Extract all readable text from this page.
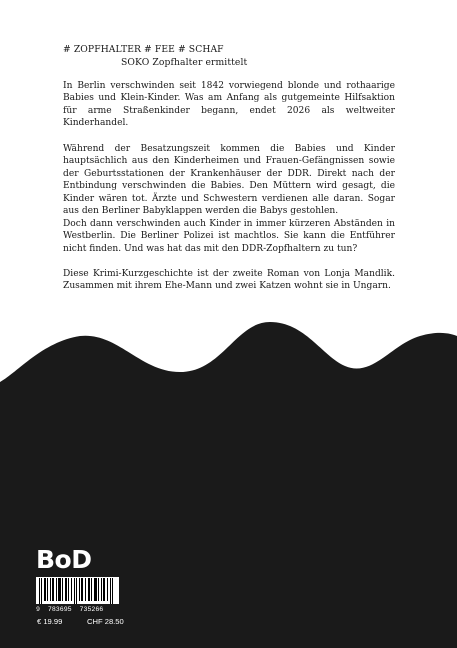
# ZOPFHALTER # FEE # SCHAF
SOKO Zopfhalter ermittelt

In Berlin verschwinden seit 1842 vorwiegend blonde und rothaarige Babies und Klein-Kinder. Was am Anfang als gutgemeinte Hilfsaktion für arme Straßenkinder begann, endet 2026 als weltweiter Kinderhandel.

Während der Besatzungszeit kommen die Babies und Kinder hauptsächlich aus den Kinderheimen und Frauen-Gefängnissen sowie der Geburtsstationen der Krankenhäuser der DDR. Direkt nach der Entbindung verschwinden die Babies. Den Müttern wird gesagt, die Kinder wären tot. Ärzte und Schwestern verdienen alle daran. Sogar aus den Berliner Babyklappen werden die Babys gestohlen.

Doch dann verschwinden auch Kinder in immer kürzeren Abständen in Westberlin. Die Berliner Polizei ist machtlos. Sie kann die Entführer nicht finden. Und was hat das mit den DDR-Zopfhaltern zu tun?

Diese Krimi-Kurzgeschichte ist der zweite Roman von Lonja Mandlik. Zusammen mit ihrem Ehe-Mann und zwei Katzen wohnt sie in Ungarn.

BoD
9  783695  735266
€ 19.99	CHF 28.50
